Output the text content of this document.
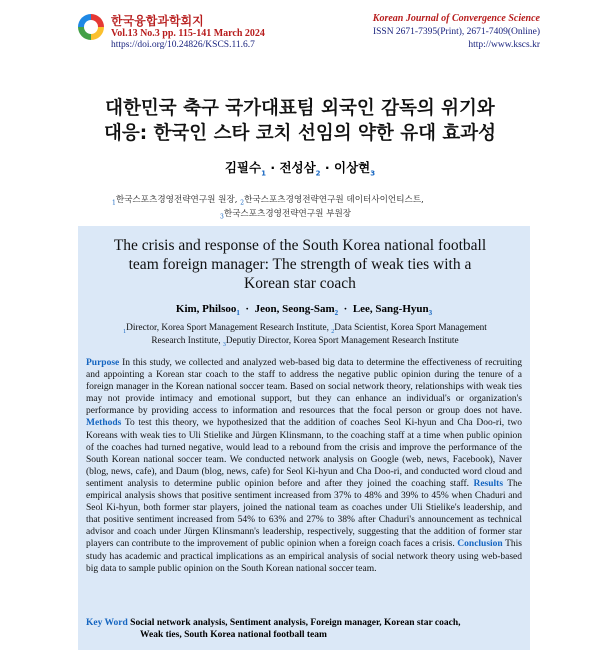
한국융합과학회지
Vol.13 No.3 pp. 115-141 March 2024
https://doi.org/10.24826/KSCS.11.6.7
Korean Journal of Convergence Science
ISSN 2671-7395(Print), 2671-7409(Online)
http://www.kscs.kr
대한민국 축구 국가대표팀 외국인 감독의 위기와
대응: 한국인 스타 코치 선임의 약한 유대 효과성
김필수$_1$ · 전성삼$_2$ · 이상현$_3$
$_1$한국스포츠경영전략연구원 원장, $_2$한국스포츠경영전략연구원 데이터사이언티스트,
$_3$한국스포츠경영전략연구원 부원장
The crisis and response of the South Korea national football
team foreign manager: The strength of weak ties with a
Korean star coach
Kim, Philsoo$_1$  ·  Jeon, Seong-Sam$_2$  ·  Lee, Sang-Hyun$_3$
$_1$Director, Korea Sport Management Research Institute, $_2$Data Scientist, Korea Sport Management
Research Institute, $_3$Deputiy Director, Korea Sport Management Research Institute
Purpose In this study, we collected and analyzed web-based big data to determine the effectiveness of recruiting and appointing a Korean star coach to the staff to address the negative public opinion during the tenure of a foreign manager in the Korean national soccer team. Based on social network theory, relationships with weak ties may not provide intimacy and emotional support, but they can enhance an individual's or organization's performance by providing access to information and resources that the focal person or group does not have. Methods To test this theory, we hypothesized that the addition of coaches Seol Ki-hyun and Cha Doo-ri, two Koreans with weak ties to Uli Stielike and Jürgen Klinsmann, to the coaching staff at a time when public opinion of the coaches had turned negative, would lead to a rebound from the crisis and improve the performance of the South Korean national soccer team. We conducted network analysis on Google (web, news, Facebook), Naver (blog, news, cafe), and Daum (blog, news, cafe) for Seol Ki-hyun and Cha Doo-ri, and conducted word cloud and sentiment analysis to determine public opinion before and after they joined the coaching staff. Results The empirical analysis shows that positive sentiment increased from 37% to 48% and 39% to 45% when Chaduri and Seol Ki-hyun, both former star players, joined the national team as coaches under Uli Stielike's leadership, and that positive sentiment increased from 54% to 63% and 27% to 38% after Chaduri's announcement as technical advisor and coach under Jürgen Klinsmann's leadership, respectively, suggesting that the addition of former star players can contribute to the improvement of public opinion when a foreign coach faces a crisis. Conclusion This study has academic and practical implications as an empirical analysis of social network theory using web-based big data to sample public opinion on the South Korean national soccer team.
Key Word Social network analysis, Sentiment analysis, Foreign manager, Korean star coach,
Weak ties, South Korea national football team
